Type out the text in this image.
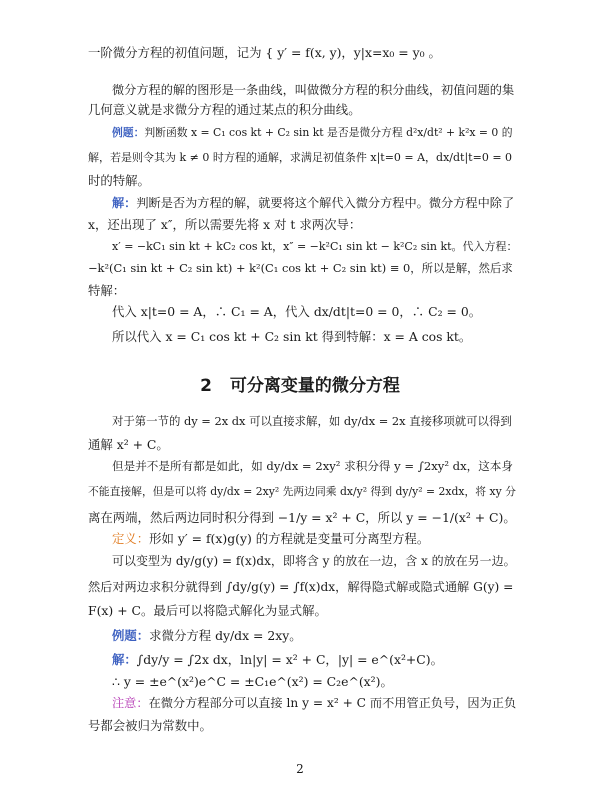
一阶微分方程的初值问题，记为 { y′ = f(x, y)，y|x=x₀ = y₀ 。
微分方程的解的图形是一条曲线，叫做微分方程的积分曲线，初值问题的集
几何意义就是求微分方程的通过某点的积分曲线。
例题：判断函数 x = C₁ cos kt + C₂ sin kt 是否是微分方程 d²x/dt² + k²x = 0 的
解，若是则令其为 k ≠ 0 时方程的通解，求满足初值条件 x|t=0 = A，dx/dt|t=0 = 0
时的特解。
解：判断是否为方程的解，就要将这个解代入微分方程中。微分方程中除了
x，还出现了 x″，所以需要先将 x 对 t 求两次导：
x′ = −kC₁ sin kt + kC₂ cos kt，x″ = −k²C₁ sin kt − k²C₂ sin kt。代入方程：
−k²(C₁ sin kt + C₂ sin kt) + k²(C₁ cos kt + C₂ sin kt) ≡ 0，所以是解，然后求
特解：
代入 x|t=0 = A，∴ C₁ = A，代入 dx/dt|t=0 = 0，∴ C₂ = 0。
所以代入 x = C₁ cos kt + C₂ sin kt 得到特解：x = A cos kt。
2 可分离变量的微分方程
对于第一节的 dy = 2x dx 可以直接求解，如 dy/dx = 2x 直接移项就可以得到
通解 x² + C。
但是并不是所有都是如此，如 dy/dx = 2xy² 求积分得 y = ∫2xy² dx，这本身
不能直接解，但是可以将 dy/dx = 2xy² 先两边同乘 dx/y² 得到 dy/y² = 2xdx，将 xy 分
离在两端，然后两边同时积分得到 −1/y = x² + C，所以 y = −1/(x² + C)。
定义：形如 y′ = f(x)g(y) 的方程就是变量可分离型方程。
可以变型为 dy/g(y) = f(x)dx，即将含 y 的放在一边，含 x 的放在另一边。
然后对两边求积分就得到 ∫dy/g(y) = ∫f(x)dx，解得隐式解或隐式通解 G(y) =
F(x) + C。最后可以将隐式解化为显式解。
例题：求微分方程 dy/dx = 2xy。
解：∫dy/y = ∫2x dx，ln|y| = x² + C，|y| = e^(x²+C)。
∴ y = ±e^(x²)e^C = ±C₁e^(x²) = C₂e^(x²)。
注意：在微分方程部分可以直接 ln y = x² + C 而不用管正负号，因为正负
号都会被归为常数中。
2
